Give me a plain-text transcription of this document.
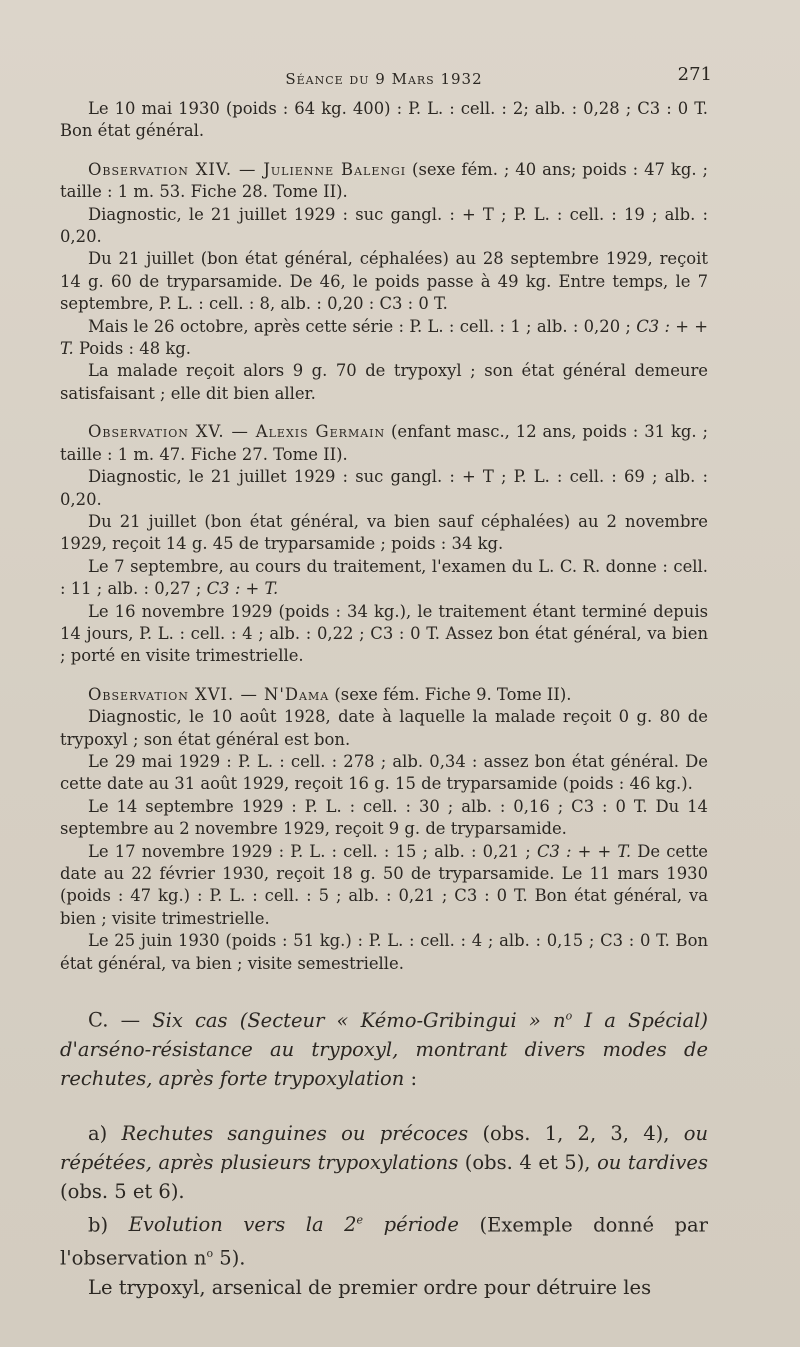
Séance du 9 Mars 1932	271

Le 10 mai 1930 (poids : 64 kg. 400) : P. L. : cell. : 2; alb. : 0,28 ; C3 : 0 T. Bon état général.

Observation XIV. — Julienne Balengi (sexe fém. ; 40 ans; poids : 47 kg. ; taille : 1 m. 53. Fiche 28. Tome II).

Diagnostic, le 21 juillet 1929 : suc gangl. : + T ; P. L. : cell. : 19 ; alb. : 0,20.

Du 21 juillet (bon état général, céphalées) au 28 septembre 1929, reçoit 14 g. 60 de tryparsamide. De 46, le poids passe à 49 kg. Entre temps, le 7 septembre, P. L. : cell. : 8, alb. : 0,20 : C3 : 0 T.

Mais le 26 octobre, après cette série : P. L. : cell. : 1 ; alb. : 0,20 ; C3 : + + T. Poids : 48 kg.

La malade reçoit alors 9 g. 70 de trypoxyl ; son état général demeure satisfaisant ; elle dit bien aller.

Observation XV. — Alexis Germain (enfant masc., 12 ans, poids : 31 kg. ; taille : 1 m. 47. Fiche 27. Tome II).

Diagnostic, le 21 juillet 1929 : suc gangl. : + T ; P. L. : cell. : 69 ; alb. : 0,20.

Du 21 juillet (bon état général, va bien sauf céphalées) au 2 novembre 1929, reçoit 14 g. 45 de tryparsamide ; poids : 34 kg.

Le 7 septembre, au cours du traitement, l'examen du L. C. R. donne : cell. : 11 ; alb. : 0,27 ; C3 : + T.

Le 16 novembre 1929 (poids : 34 kg.), le traitement étant terminé depuis 14 jours, P. L. : cell. : 4 ; alb. : 0,22 ; C3 : 0 T. Assez bon état général, va bien ; porté en visite trimestrielle.

Observation XVI. — N'Dama (sexe fém. Fiche 9. Tome II).

Diagnostic, le 10 août 1928, date à laquelle la malade reçoit 0 g. 80 de trypoxyl ; son état général est bon.

Le 29 mai 1929 : P. L. : cell. : 278 ; alb. 0,34 : assez bon état général. De cette date au 31 août 1929, reçoit 16 g. 15 de tryparsamide (poids : 46 kg.).

Le 14 septembre 1929 : P. L. : cell. : 30 ; alb. : 0,16 ; C3 : 0 T. Du 14 septembre au 2 novembre 1929, reçoit 9 g. de tryparsamide.

Le 17 novembre 1929 : P. L. : cell. : 15 ; alb. : 0,21 ; C3 : + + T. De cette date au 22 février 1930, reçoit 18 g. 50 de tryparsamide. Le 11 mars 1930 (poids : 47 kg.) : P. L. : cell. : 5 ; alb. : 0,21 ; C3 : 0 T. Bon état général, va bien ; visite trimestrielle.

Le 25 juin 1930 (poids : 51 kg.) : P. L. : cell. : 4 ; alb. : 0,15 ; C3 : 0 T. Bon état général, va bien ; visite semestrielle.

C. — Six cas (Secteur « Kémo-Gribingui » $n^o$ I a Spécial) d'arséno-résistance au trypoxyl, montrant divers modes de rechutes, après forte trypoxylation :

a) Rechutes sanguines ou précoces (obs. 1, 2, 3, 4), ou répétées, après plusieurs trypoxylations (obs. 4 et 5), ou tardives (obs. 5 et 6).

b) Evolution vers la 2e période (Exemple donné par l'observation $n^o$ 5).

Le trypoxyl, arsenical de premier ordre pour détruire les
